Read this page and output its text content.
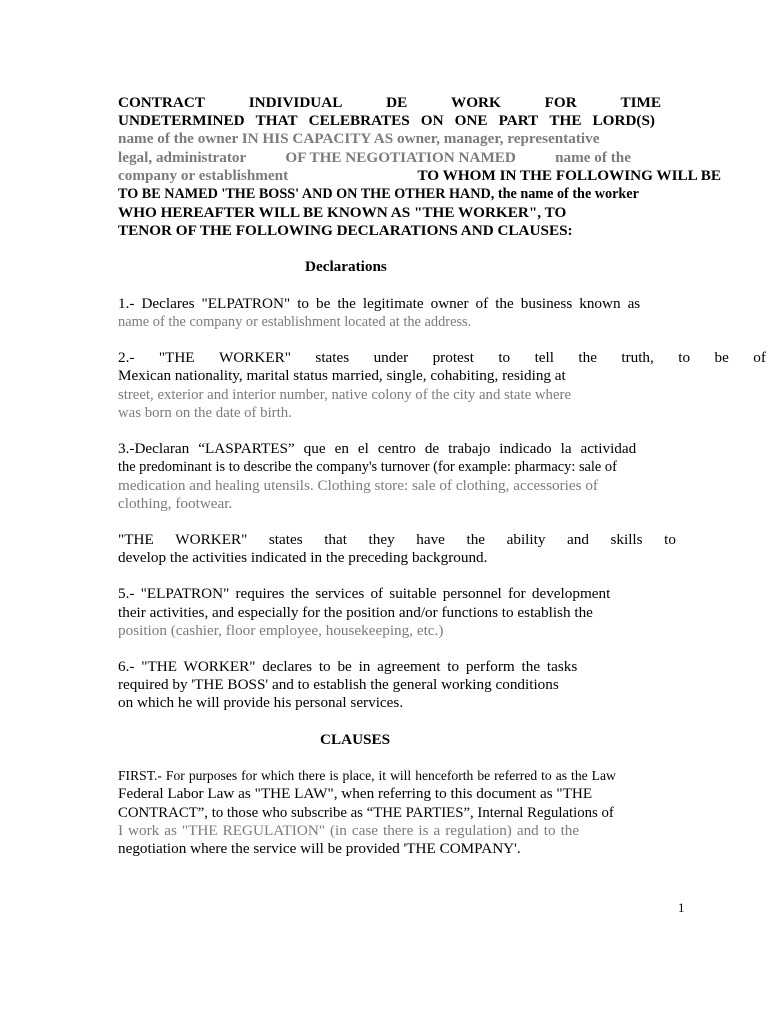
CONTRACT	INDIVIDUAL	DE	WORK	FOR	TIME
UNDETERMINED THAT CELEBRATES ON ONE PART THE LORD(S)
name of the owner IN HIS CAPACITY AS owner, manager, representative
legal, administrator	OF THE NEGOTIATION NAMED	name of the
company or establishment	TO WHOM IN THE FOLLOWING WILL BE
TO BE NAMED 'THE BOSS' AND ON THE OTHER HAND, the name of the worker
WHO HEREAFTER WILL BE KNOWN AS "THE WORKER", TO
TENOR OF THE FOLLOWING DECLARATIONS AND CLAUSES:
Declarations
1.- Declares "ELPATRON" to be the legitimate owner of the business known as
name of the company or establishment located at the address.
2.- "THE WORKER" states under protest to tell the truth, to be of
Mexican nationality, marital status married, single, cohabiting, residing at
street, exterior and interior number, native colony of the city and state where
was born on the date of birth.
3.-Declaran “LASPARTES” que en el centro de trabajo indicado la actividad
the predominant is to describe the company's turnover (for example: pharmacy: sale of
medication and healing utensils. Clothing store: sale of clothing, accessories of
clothing, footwear.
"THE WORKER" states that they have the ability and skills to
develop the activities indicated in the preceding background.
5.- "ELPATRON" requires the services of suitable personnel for development
their activities, and especially for the position and/or functions to establish the
position (cashier, floor employee, housekeeping, etc.)
6.- "THE WORKER" declares to be in agreement to perform the tasks
required by 'THE BOSS' and to establish the general working conditions
on which he will provide his personal services.
CLAUSES
FIRST.- For purposes for which there is place, it will henceforth be referred to as the Law
Federal Labor Law as "THE LAW", when referring to this document as "THE
CONTRACT”, to those who subscribe as “THE PARTIES”, Internal Regulations of
I work as "THE REGULATION" (in case there is a regulation) and to the
negotiation where the service will be provided 'THE COMPANY'.
1
